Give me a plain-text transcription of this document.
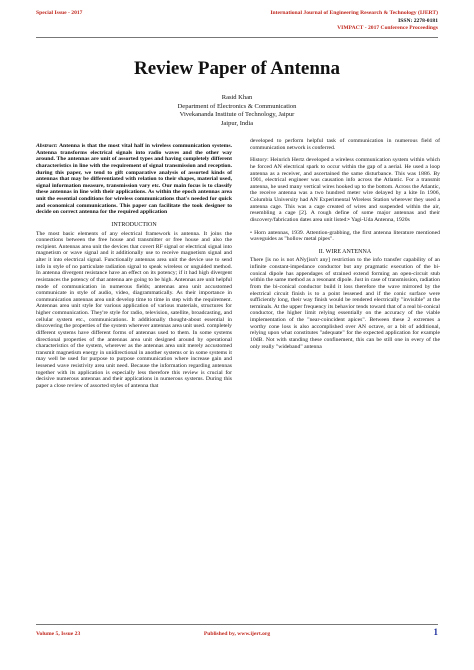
Special Issue - 2017	International Journal of Engineering Research & Technology (IJERT)
ISSN: 2278-0181
VIMPACT - 2017 Conference Proceedings
Review Paper of Antenna
Rasid Khan
Department of Electronics & Communication
Vivekananda Institute of Technology, Jaipur
Jaipur, India

Abstract: Antenna is that the most vital half in wireless communication systems. Antenna transforms electrical signals into radio waves and the other way around. The antennas are unit of assorted types and having completely different characteristics in line with the requirement of signal transmission and reception. during this paper, we tend to gift comparative analysis of assorted kinds of antennas that may be differentiated with relation to their shapes, material used, signal information measure, transmission vary etc. Our main focus is to classify these antennas in line with their applications. As within the epoch antennas area unit the essential conditions for wireless communications that's needed for quick and economical communications. This paper can facilitate the took designer to decide on correct antenna for the required application

INTRODUCTION

The most basic elements of any electrical framework is antenna. It joins the connections between the free house and transmitter or free house and also the recipient. Antennas area unit the devices that covert RF signal or electrical signal into magnetism or wave signal and it additionally use to receive magnetism signal and alter it into electrical signal. Functionally antennas area unit the device use to send info in style of no particulate radiation signal to speak wireless or unguided method. In antenna divergent resistance have an effect on its potency; if it had high divergent resistances the potency of that antenna are going to be high. Antennas are unit helpful mode of communication in numerous fields; antennas area unit accustomed communicate in style of audio, video, diagrammatically. As their importance in communication antennas area unit develop time to time in step with the requirement. Antennas area unit style for various application of various materials, structures for higher communication. They're style for radio, television, satellite, broadcasting, and cellular system etc., communications. It additionally thought-about essential in discovering the properties of the system wherever antennas area unit used. completely different systems have different forms of antennas used to them. In some systems directional properties of the antennas area unit designed around by operational characteristics of the system, wherever as the antennas area unit merely accustomed transmit magnetism energy in unidirectional in another systems or in some systems it may well be used for purpose to purpose communication where increase gain and lessened wave resistivity area unit need. Because the information regarding antennas together with its application is especially less therefore this review is crucial for decisive numerous antennas and their applications in numerous systems. During this paper a close review of assorted styles of antenna that

developed to perform helpful task of communication in numerous field of communication network is conferred.

History: Heinrich Hertz developed a wireless communication system within which he forced AN electrical spark to occur within the gap of a aerial. He used a loop antenna as a receiver, and ascertained the same disturbance. This was 1886. By 1901, electrical engineer was causation info across the Atlantic. For a transmit antenna, he used many vertical wires hooked up to the bottom. Across the Atlantic, the receive antenna was a two hundred meter wire delayed by a kite In 1906, Columbia University had AN Experimental Wireless Station wherever they used a antenna cage. This was a cage created of wires and suspended within the air, resembling a cage [2]. A rough define of some major antennas and their discovery/fabrication dates area unit listed:• Yagi-Uda Antenna, 1920s

• Horn antennas, 1939. Attention-grabbing, the first antenna literature mentioned waveguides as "hollow metal pipes".

II. WIRE ANTENNA

There [is no is not ANy[isn't any] restriction to the info transfer capability of an infinite constant-impedance conductor but any pragmatic execution of the bi-conical dipole has appendages of strained extend forming an open-circuit stub within the same method as a resonant dipole. Just in case of transmission, radiation from the bi-conical conductor build it loss therefore the wave mirrored by the electrical circuit finish is to a point lessened and if the conic surface were sufficiently long, their way finish would be rendered electrically "invisible" at the terminals. At the upper frequency its behavior tends toward that of a real bi-conical conductor, the higher limit relying essentially on the accuracy of the viable implementation of the "near-coincident apices". Between these 2 extremes a worthy cone loss is also accomplished over AN octave, or a bit of additional, relying upon what constitutes "adequate" for the expected application for example 10dB. Not with standing these confinement, this can be still one in every of the only really "wideband" antenna

Volume 5, Issue 23	Published by, www.ijert.org	1
